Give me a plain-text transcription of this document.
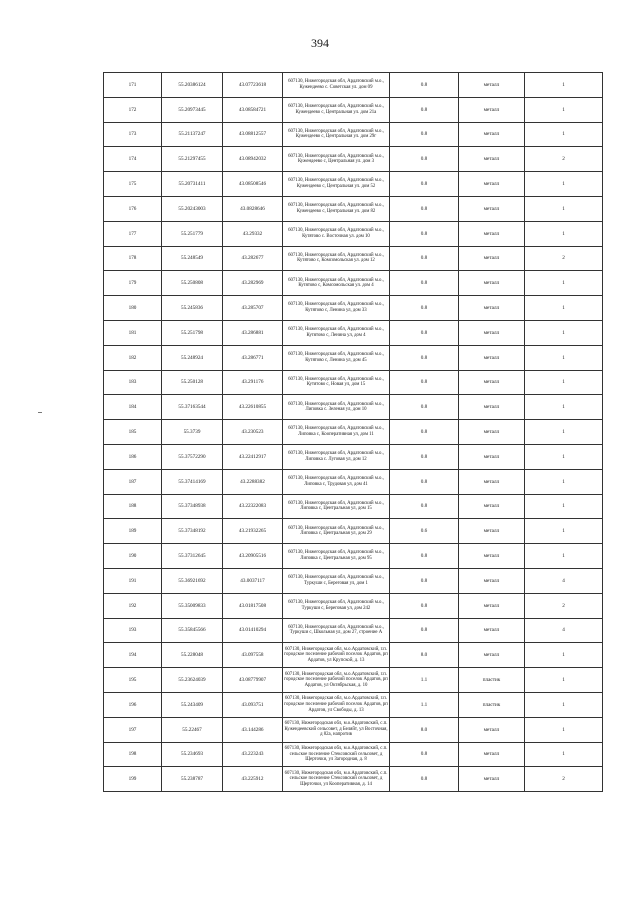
394
171	55.20386124	43.07723618	607130, Нижегородская обл, Ардатовский м.о., Кужендеево с. Советская ул. дом 09	0.8	металл	1
172	55.20973445	43.08584721	607130, Нижегородская обл, Ардатовский м.о., Кужендеево с, Центральная ул. дом 21а	0.8	металл	1
173	55.21137247	43.08812557	607130, Нижегородская обл, Ардатовский м.о., Кужендеево с, Центральная ул. дом 29г	0.8	металл	1
174	55.21297455	43.08942032	607130, Нижегородская обл, Ардатовский м.о., Кужендеево с, Центральная ул. дом 3	0.8	металл	2
175	55.20731411	43.08508546	607130, Нижегородская обл, Ардатовский м.о., Кужендеево с, Центральная ул. дом 52	0.8	металл	1
176	55.20243003	43.0828646	607130, Нижегородская обл, Ардатовский м.о., Кужендеево с, Центральная ул. дом 82	0.8	металл	1
177	55.251779	43.29332	607130, Нижегородская обл, Ардатовский м.о., Кутятово с. Восточная ул. дом 10	0.8	металл	1
178	55.248549	43.282677	607130, Нижегородская обл, Ардатовский м.о., Кутятово с, Комсомольская ул. дом 12	0.8	металл	2
179	55.250808	43.282969	607130, Нижегородская обл, Ардатовский м.о., Кутятово с, Комсомольская ул. дом 4	0.8	металл	1
180	55.245836	43.285707	607130, Нижегородская обл, Ардатовский м.о., Кутятово с, Ленина ул, дом 33	0.8	металл	1
181	55.251798	43.286881	607130, Нижегородская обл, Ардатовский м.о., Кутятово с, Ленина ул, дом 4	0.8	металл	1
182	55.248924	43.286771	607130, Нижегородская обл, Ардатовский м.о., Кутятово с, Ленина ул, дом 45	0.8	металл	1
183	55.250128	43.291176	607130, Нижегородская обл, Ардатовский м.о., Кутятово с, Новая ул, дом 15	0.8	металл	1
184	55.37163544	43.22610855	607130, Нижегородская обл, Ардатовский м.о., Липовка с. Зеленая ул, дом 10	0.8	металл	1
185	55.3739	43.230523	607130, Нижегородская обл, Ардатовский м.о., Липовка с, Кооперативная ул, дом 11	0.8	металл	1
186	55.37572290	43.22412917	607130, Нижегородская обл, Ардатовский м.о., Липовка с. Луговая ул, дом 12	0.8	металл	1
187	55.37414169	43.2288382	607130, Нижегородская обл, Ардатовский м.о., Липовка с, Трудовая ул, дом 41	0.8	металл	1
188	55.37348938	43.22322083	607130, Нижегородская обл, Ардатовский м.о., Липовка с, Центральная ул, дом 15	0.8	металл	1
189	55.37348192	43.21932265	607130, Нижегородская обл, Ардатовский м.о., Липовка с, Центральная ул, дом 29	0.6	металл	1
190	55.37312645	43.20905516	607130, Нижегородская обл, Ардатовский м.о., Липовка с, Центральная ул, дом 95	0.8	металл	1
191	55.36921692	43.0037117	607130, Нижегородская обл, Ардатовский м.о., Туркуши с, Береговая ул, дом 1	0.8	металл	4
192	55.35009833	43.01817508	607130, Нижегородская обл, Ардатовский м.о., Туркуши с, Береговая ул, дом 242	0.8	металл	2
193	55.35845566	43.01410294	607130, Нижегородская обл, Ардатовский м.о., Туркуши с, Школьная ул, дом 27, строение А	0.8	металл	4
194	55.228048	43.097558	607130, Нижегородская обл, м.о.Ардатовский, г.п. городское поселение рабочий поселок Ардатов, рп Ардатов, ул Крупской, д. 13	8.0	металл	1
195	55.23624039	43.08779907	607130, Нижегородская обл, м.о.Ардатовский, г.п. городское поселение рабочий поселок Ардатов, рп Ардатов, ул Октябрьская, д. 10	1.1	пластик	1
196	55.243409	43.093751	607130, Нижегородская обл, м.о.Ардатовский, г.п. городское поселение рабочий поселок Ардатов, рп Ардатов, ул Свободы, д. 13	1.1	пластик	1
197	55.22467	43.144286	607130, Нижегородская обл, м.о.Ардатовский, с.п. Кужендеевский сельсовет, д Беляйт, ул Восточная, д 82а, напротив	8.0	металл	1
198	55.234693	43.223243	607130, Нижегородская обл, м.о.Ардатовский, с.п. сельское поселение Стексовский сельсовет, д Щерточки, ул Загородная, д. 8	0.8	металл	1
199	55.238787	43.225912	607130, Нижегородская обл, м.о.Ардатовский, с.п. сельское поселение Стексовский сельсовет, д Щерточки, ул Кооперативная, д. 14	0.8	металл	2
